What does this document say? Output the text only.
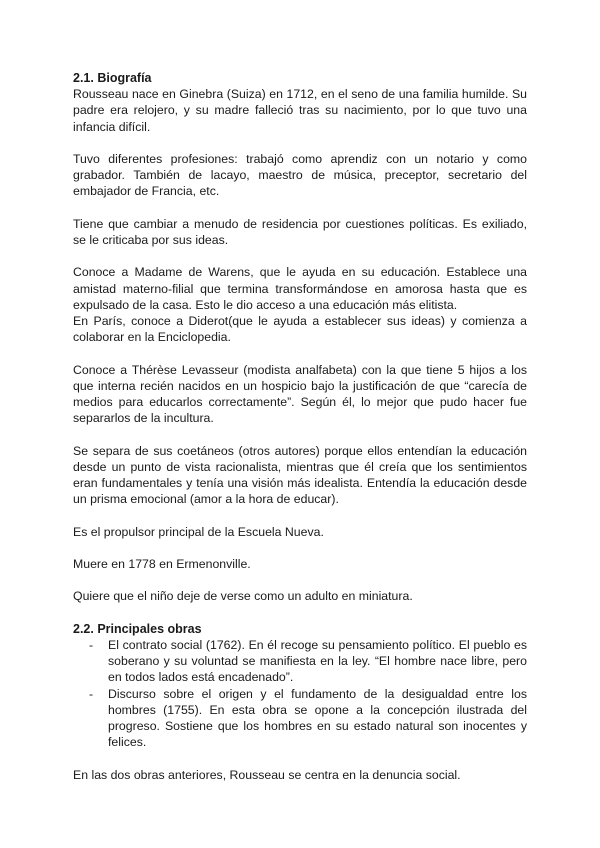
2.1. Biografía

Rousseau nace en Ginebra (Suiza) en 1712, en el seno de una familia humilde. Su padre era relojero, y su madre falleció tras su nacimiento, por lo que tuvo una infancia difícil.

Tuvo diferentes profesiones: trabajó como aprendiz con un notario y como grabador. También de lacayo, maestro de música, preceptor, secretario del embajador de Francia, etc.

Tiene que cambiar a menudo de residencia por cuestiones políticas. Es exiliado, se le criticaba por sus ideas.

Conoce a Madame de Warens, que le ayuda en su educación. Establece una amistad materno-filial que termina transformándose en amorosa hasta que es expulsado de la casa. Esto le dio acceso a una educación más elitista.

En París, conoce a Diderot(que le ayuda a establecer sus ideas) y comienza a colaborar en la Enciclopedia.

Conoce a Thérèse Levasseur (modista analfabeta) con la que tiene 5 hijos a los que interna recién nacidos en un hospicio bajo la justificación de que “carecía de medios para educarlos correctamente”. Según él, lo mejor que pudo hacer fue separarlos de la incultura.

Se separa de sus coetáneos (otros autores) porque ellos entendían la educación desde un punto de vista racionalista, mientras que él creía que los sentimientos eran fundamentales y tenía una visión más idealista. Entendía la educación desde un prisma emocional (amor a la hora de educar).

Es el propulsor principal de la Escuela Nueva.

Muere en 1778 en Ermenonville.

Quiere que el niño deje de verse como un adulto en miniatura.

2.2. Principales obras
- El contrato social (1762). En él recoge su pensamiento político. El pueblo es soberano y su voluntad se manifiesta en la ley. “El hombre nace libre, pero en todos lados está encadenado”.
- Discurso sobre el origen y el fundamento de la desigualdad entre los hombres (1755). En esta obra se opone a la concepción ilustrada del progreso. Sostiene que los hombres en su estado natural son inocentes y felices.

En las dos obras anteriores, Rousseau se centra en la denuncia social.
